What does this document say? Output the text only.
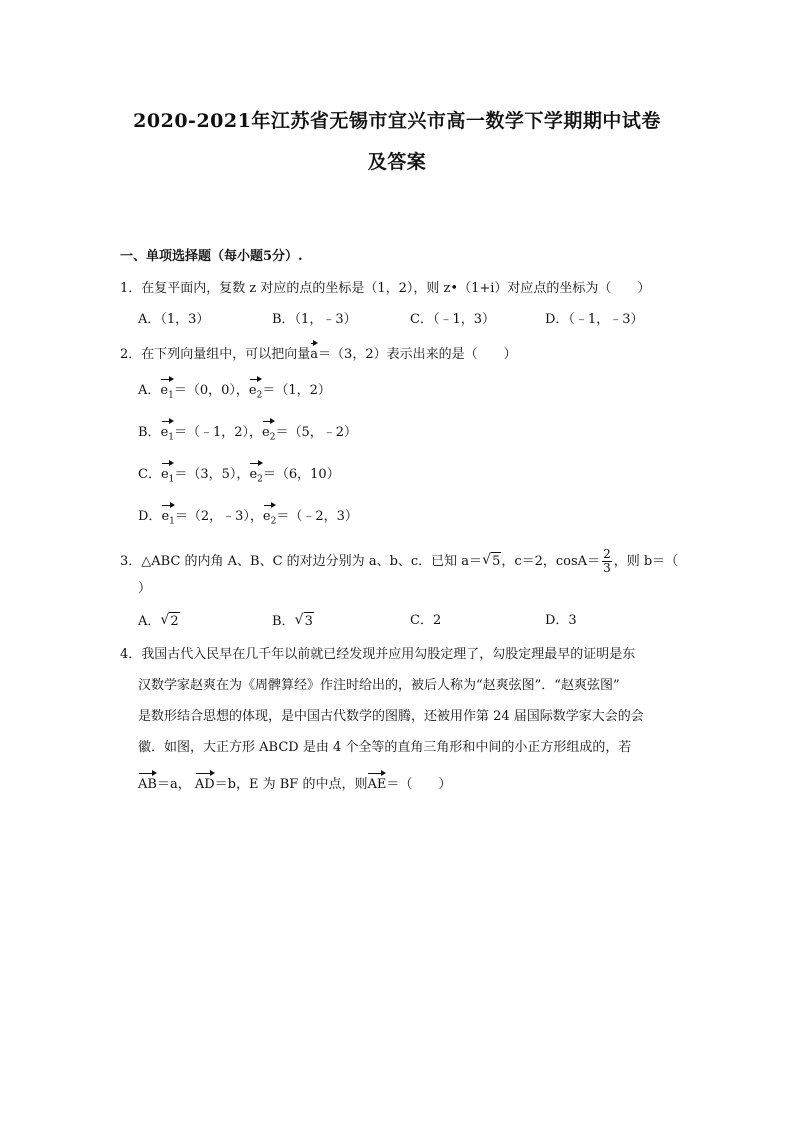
2020-2021年江苏省无锡市宜兴市高一数学下学期期中试卷
及答案
一、单项选择题（每小题5分）.
1．在复平面内，复数 z 对应的点的坐标是（1，2），则 z•（1+i）对应点的坐标为（　　）
A．（1，3）	B．（1，﹣3）	C．（﹣1，3）	D．（﹣1，﹣3）
2．在下列向量组中，可以把向量a＝（3，2）表示出来的是（　　）
A．$e_1=(0$，0），$e_2=(1$，2）
B．$e_1=(﹣1$，2），$e_2=(5$，﹣2）
C．$e_1=(3$，5），$e_2=(6$，10）
D．$e_1=(2$，﹣3），$e_2=(﹣2$，3）
3．△ABC 的内角 A、B、C 的对边分别为 a、b、c．已知 a＝ √ 5，c＝2，$\cos A= \frac{2}{3}$ ，则 b＝（
）
A． √ 2	B． √ 3	C．2	D．3
4．我国古代入民早在几千年以前就已经发现并应用勾股定理了，勾股定理最早的证明是东
汉数学家赵爽在为《周髀算经》作注时给出的，被后人称为“赵爽弦图”．“赵爽弦图”
是数形结合思想的体现，是中国古代数学的图腾，还被用作第 24 届国际数学家大会的会
徽．如图，大正方形 ABCD 是由 4 个全等的直角三角形和中间的小正方形组成的，若
AB＝a， AD＝b，E 为 BF 的中点，则AE＝（　　）
